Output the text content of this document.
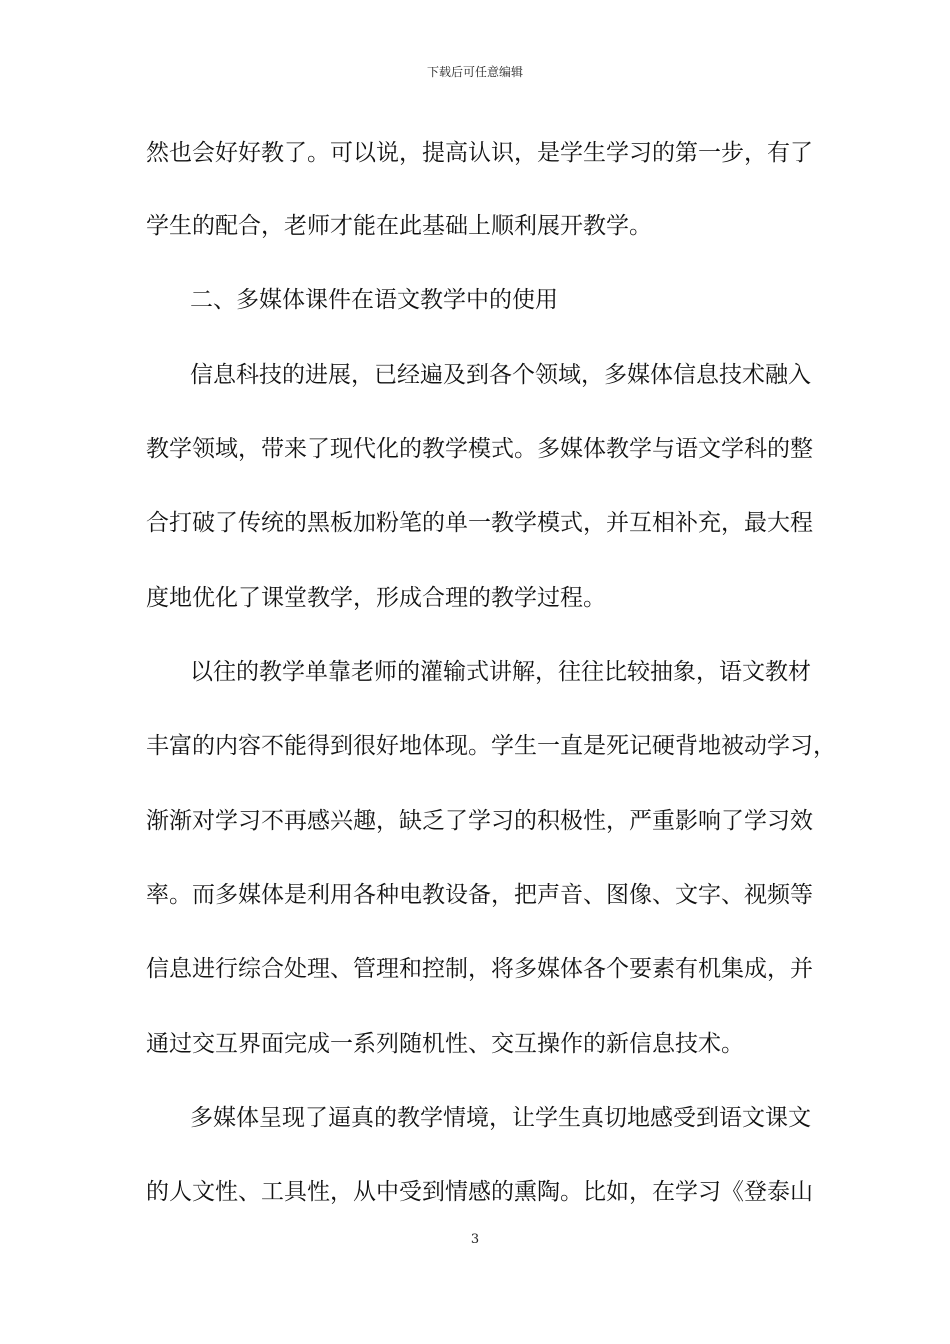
下载后可任意编辑
然也会好好教了。可以说，提高认识，是学生学习的第一步，有了
学生的配合，老师才能在此基础上顺利展开教学。
二、多媒体课件在语文教学中的使用
信息科技的进展，已经遍及到各个领域，多媒体信息技术融入
教学领域，带来了现代化的教学模式。多媒体教学与语文学科的整
合打破了传统的黑板加粉笔的单一教学模式，并互相补充，最大程
度地优化了课堂教学，形成合理的教学过程。
以往的教学单靠老师的灌输式讲解，往往比较抽象，语文教材
丰富的内容不能得到很好地体现。学生一直是死记硬背地被动学习，
渐渐对学习不再感兴趣，缺乏了学习的积极性，严重影响了学习效
率。而多媒体是利用各种电教设备，把声音、图像、文字、视频等
信息进行综合处理、管理和控制，将多媒体各个要素有机集成，并
通过交互界面完成一系列随机性、交互操作的新信息技术。
多媒体呈现了逼真的教学情境，让学生真切地感受到语文课文
的人文性、工具性，从中受到情感的熏陶。比如，在学习《登泰山
3
